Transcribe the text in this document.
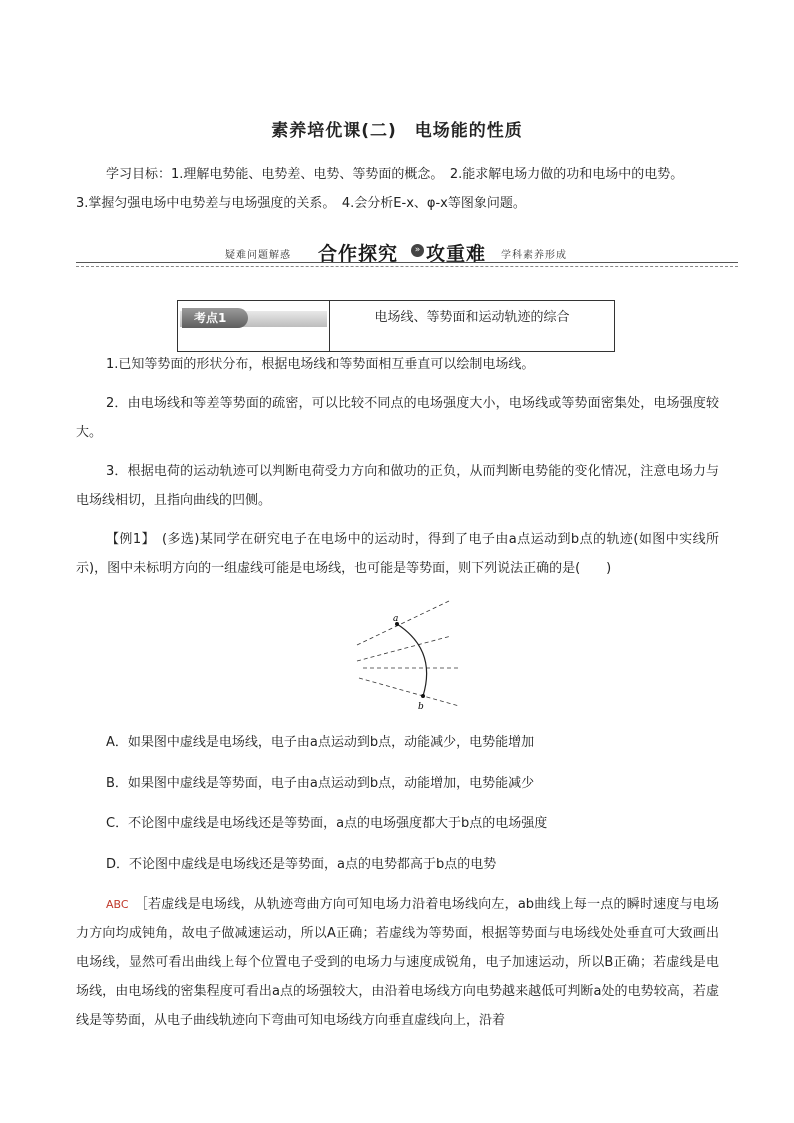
素养培优课(二)　电场能的性质
学习目标：1.理解电势能、电势差、电势、等势面的概念。　2.能求解电场力做的功和电场中的电势。
3.掌握匀强电场中电势差与电场强度的关系。　4.会分析E-x、φ-x等图象问题。
疑难问题解惑 合作探究	» 攻重难 学科素养形成
考点1	电场线、等势面和运动轨迹的综合
1.已知等势面的形状分布，根据电场线和等势面相互垂直可以绘制电场线。
2．由电场线和等差等势面的疏密，可以比较不同点的电场强度大小，电场线或等势面密集处，电场强度较大。
3．根据电荷的运动轨迹可以判断电荷受力方向和做功的正负，从而判断电势能的变化情况，注意电场力与电场线相切，且指向曲线的凹侧。
【例1】　(多选)某同学在研究电子在电场中的运动时，得到了电子由a点运动到b点的轨迹(如图中实线所示)，图中未标明方向的一组虚线可能是电场线，也可能是等势面，则下列说法正确的是(　　)
a
b
A．如果图中虚线是电场线，电子由a点运动到b点，动能减少，电势能增加
B．如果图中虚线是等势面，电子由a点运动到b点，动能增加，电势能减少
C．不论图中虚线是电场线还是等势面，a点的电场强度都大于b点的电场强度
D．不论图中虚线是电场线还是等势面，a点的电势都高于b点的电势
ABC ［若虚线是电场线，从轨迹弯曲方向可知电场力沿着电场线向左，ab曲线上每一点的瞬时速度与电场力方向均成钝角，故电子做减速运动，所以A正确；若虚线为等势面，根据等势面与电场线处处垂直可大致画出电场线，显然可看出曲线上每个位置电子受到的电场力与速度成锐角，电子加速运动，所以B正确；若虚线是电场线，由电场线的密集程度可看出a点的场强较大，由沿着电场线方向电势越来越低可判断a处的电势较高，若虚线是等势面，从电子曲线轨迹向下弯曲可知电场线方向垂直虚线向上，沿着
